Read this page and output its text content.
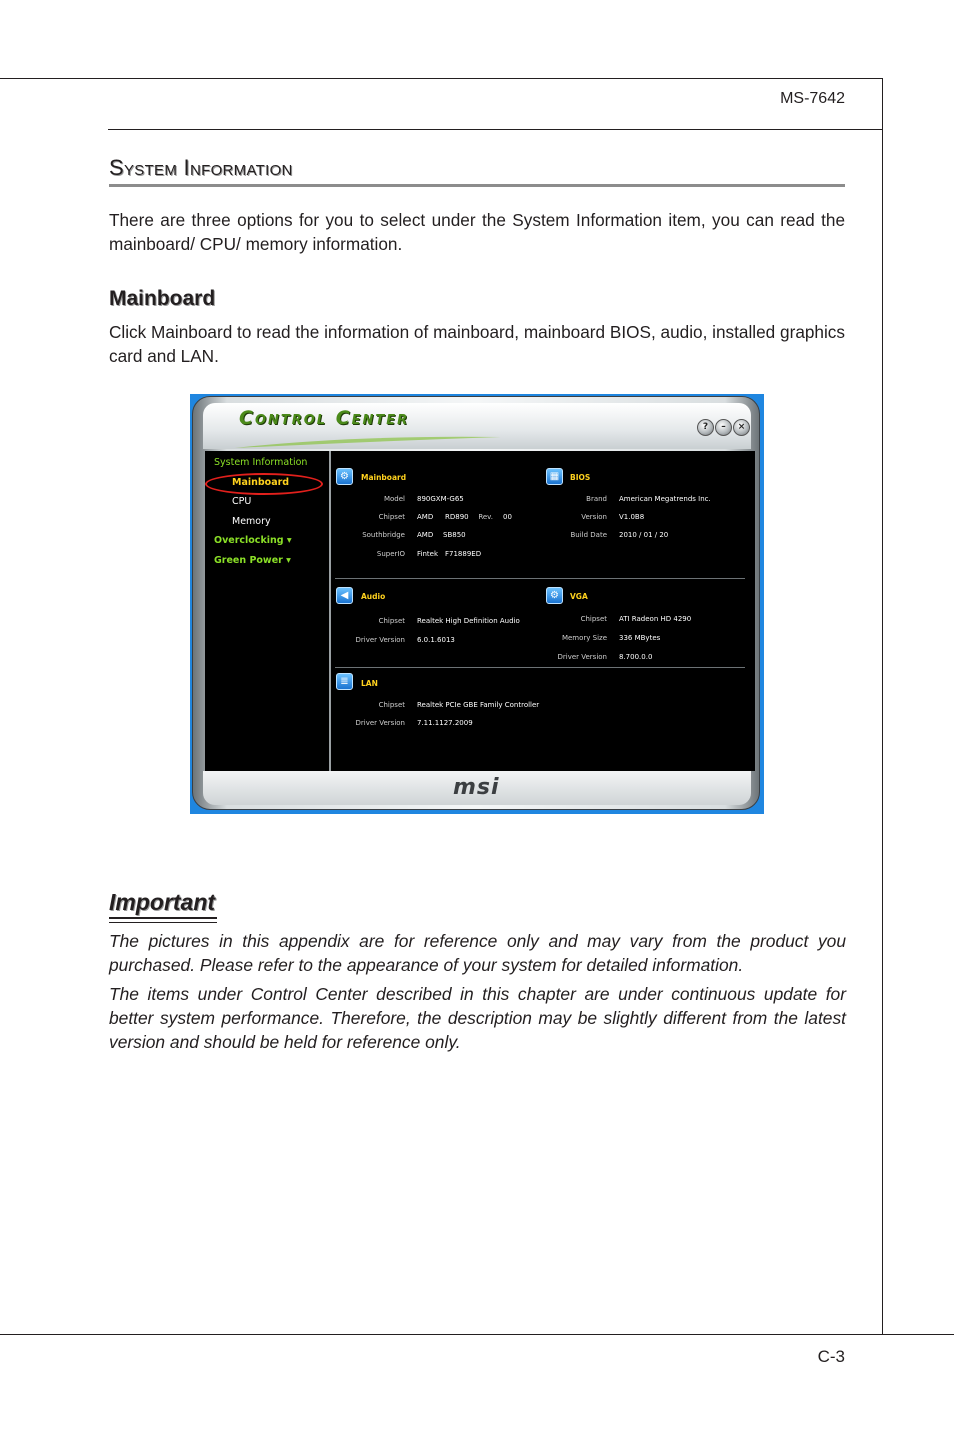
MS-7642
System Information
There are three options for you to select under the System Information item, you can read the mainboard/ CPU/ memory information.
Mainboard
Click Mainboard to read the information of mainboard, mainboard BIOS, audio, installed graphics card and LAN.
Control Center	?	–	×
System Information
Mainboard
CPU
Memory
Overclocking ▾
Green Power ▾
⚙	Mainboard
Model 890GXM-G65
Chipset AMD RD890	Rev. 00
Southbridge AMD SB850
SuperIO Fintek F71889ED
▦	BIOS
Brand American Megatrends Inc.
Version V1.0B8
Build Date 2010 / 01 / 20
◀	Audio
Chipset Realtek High Definition Audio
Driver Version 6.0.1.6013
⚙	VGA
Chipset ATI Radeon HD 4290
Memory Size 336 MBytes
Driver Version 8.700.0.0
≣	LAN
Chipset Realtek PCIe GBE Family Controller
Driver Version 7.11.1127.2009
msi
Important
The pictures in this appendix are for reference only and may vary from the product you purchased. Please refer to the appearance of your system for detailed information.
The items under Control Center described in this chapter are under continuous update for better system performance. Therefore, the description may be slightly different from the latest version and should be held for reference only.
C-3
